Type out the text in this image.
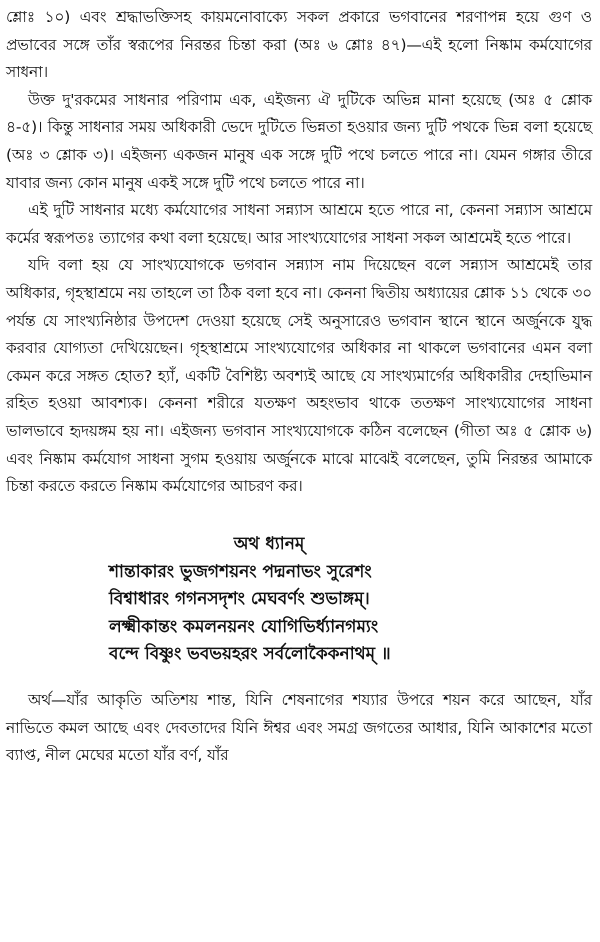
শ্লোঃ ১০) এবং শ্রদ্ধাভক্তিসহ কায়মনোবাক্যে সকল প্রকারে ভগবানের শরণাপন্ন হয়ে গুণ ও প্রভাবের সঙ্গে তাঁর স্বরূপের নিরন্তর চিন্তা করা (অঃ ৬ শ্লোঃ ৪৭)—এই হলো নিষ্কাম কর্মযোগের সাধনা।

উক্ত দু'রকমের সাধনার পরিণাম এক, এইজন্য ঐ দুটিকে অভিন্ন মানা হয়েছে (অঃ ৫ শ্লোক ৪-৫)। কিন্তু সাধনার সময় অধিকারী ভেদে দুটিতে ভিন্নতা হওয়ার জন্য দুটি পথকে ভিন্ন বলা হয়েছে (অঃ ৩ শ্লোক ৩)। এইজন্য একজন মানুষ এক সঙ্গে দুটি পথে চলতে পারে না। যেমন গঙ্গার তীরে যাবার জন্য কোন মানুষ একই সঙ্গে দুটি পথে চলতে পারে না।

এই দুটি সাধনার মধ্যে কর্মযোগের সাধনা সন্ন্যাস আশ্রমে হতে পারে না, কেননা সন্ন্যাস আশ্রমে কর্মের স্বরূপতঃ ত্যাগের কথা বলা হয়েছে। আর সাংখ্যযোগের সাধনা সকল আশ্রমেই হতে পারে।

যদি বলা হয় যে সাংখ্যযোগকে ভগবান সন্ন্যাস নাম দিয়েছেন বলে সন্ন্যাস আশ্রমেই তার অধিকার, গৃহস্থাশ্রমে নয় তাহলে তা ঠিক বলা হবে না। কেননা দ্বিতীয় অধ্যায়ের শ্লোক ১১ থেকে ৩০ পর্যন্ত যে সাংখ্যনিষ্ঠার উপদেশ দেওয়া হয়েছে সেই অনুসারেও ভগবান স্থানে স্থানে অর্জুনকে যুদ্ধ করবার যোগ্যতা দেখিয়েছেন। গৃহস্থাশ্রমে সাংখ্যযোগের অধিকার না থাকলে ভগবানের এমন বলা কেমন করে সঙ্গত হোত? হ্যাঁ, একটি বৈশিষ্ট্য অবশ্যই আছে যে সাংখ্যমার্গের অধিকারীর দেহাভিমান রহিত হওয়া আবশ্যক। কেননা শরীরে যতক্ষণ অহংভাব থাকে ততক্ষণ সাংখ্যযোগের সাধনা ভালভাবে হৃদয়ঙ্গম হয় না। এইজন্য ভগবান সাংখ্যযোগকে কঠিন বলেছেন (গীতা অঃ ৫ শ্লোক ৬) এবং নিষ্কাম কর্মযোগ সাধনা সুগম হওয়ায় অর্জুনকে মাঝে মাঝেই বলেছেন, তুমি নিরন্তর আমাকে চিন্তা করতে করতে নিষ্কাম কর্মযোগের আচরণ কর।

অথ ধ্যানম্
শান্তাকারং ভুজগশয়নং পদ্মনাভং সুরেশং
বিশ্বাধারং গগনসদৃশং মেঘবর্ণং শুভাঙ্গম্।
লক্ষ্মীকান্তং কমলনয়নং যোগিভির্ধ্যানগম্যং
বন্দে বিষ্ণুং ভবভয়হরং সর্বলোকৈকনাথম্ ॥

অর্থ—যাঁর আকৃতি অতিশয় শান্ত, যিনি শেষনাগের শয্যার উপরে শয়ন করে আছেন, যাঁর নাভিতে কমল আছে এবং দেবতাদের যিনি ঈশ্বর এবং সমগ্র জগতের আধার, যিনি আকাশের মতো ব্যাপ্ত, নীল মেঘের মতো যাঁর বর্ণ, যাঁর
